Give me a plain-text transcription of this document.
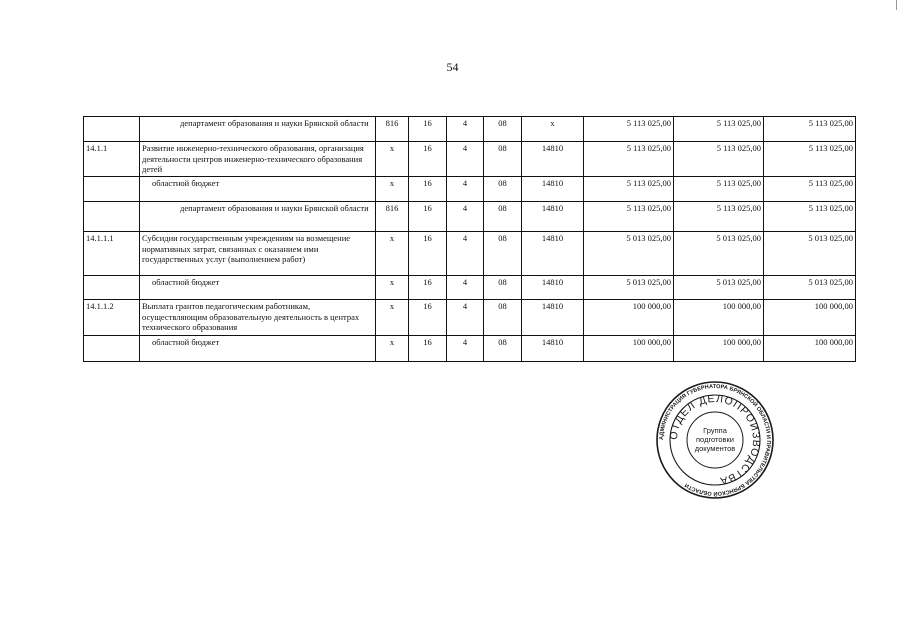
54

	департамент образования и науки Брянской области	816	16	4	08	х	5 113 025,00	5 113 025,00	5 113 025,00
14.1.1	Развитие инженерно-технического образования, организация деятельности центров инженерно-технического образования детей	х	16	4	08	14810	5 113 025,00	5 113 025,00	5 113 025,00

	областной бюджет	х	16	4	08	14810	5 113 025,00	5 113 025,00	5 113 025,00

	департамент образования и науки Брянской области	816	16	4	08	14810	5 113 025,00	5 113 025,00	5 113 025,00
14.1.1.1	Субсидии государственным учреждениям на возмещение нормативных затрат, связанных с оказанием ими государственных услуг (выполнением работ)	х	16	4	08	14810	5 013 025,00	5 013 025,00	5 013 025,00

	областной бюджет	х	16	4	08	14810	5 013 025,00	5 013 025,00	5 013 025,00
14.1.1.2	Выплата грантов педагогическим работникам, осуществляющим образовательную деятельность в центрах технического образования	х	16	4	08	14810	100 000,00	100 000,00	100 000,00

	областной бюджет	х	16	4	08	14810	100 000,00	100 000,00	100 000,00
АДМИНИСТРАЦИЯ ГУБЕРНАТОРА БРЯНСКОЙ ОБЛАСТИ И ПРАВИТЕЛЬСТВА БРЯНСКОЙ ОБЛАСТИ
ОТДЕЛ ДЕЛОПРОИЗВОДСТВА
Группа
подготовки
документов
